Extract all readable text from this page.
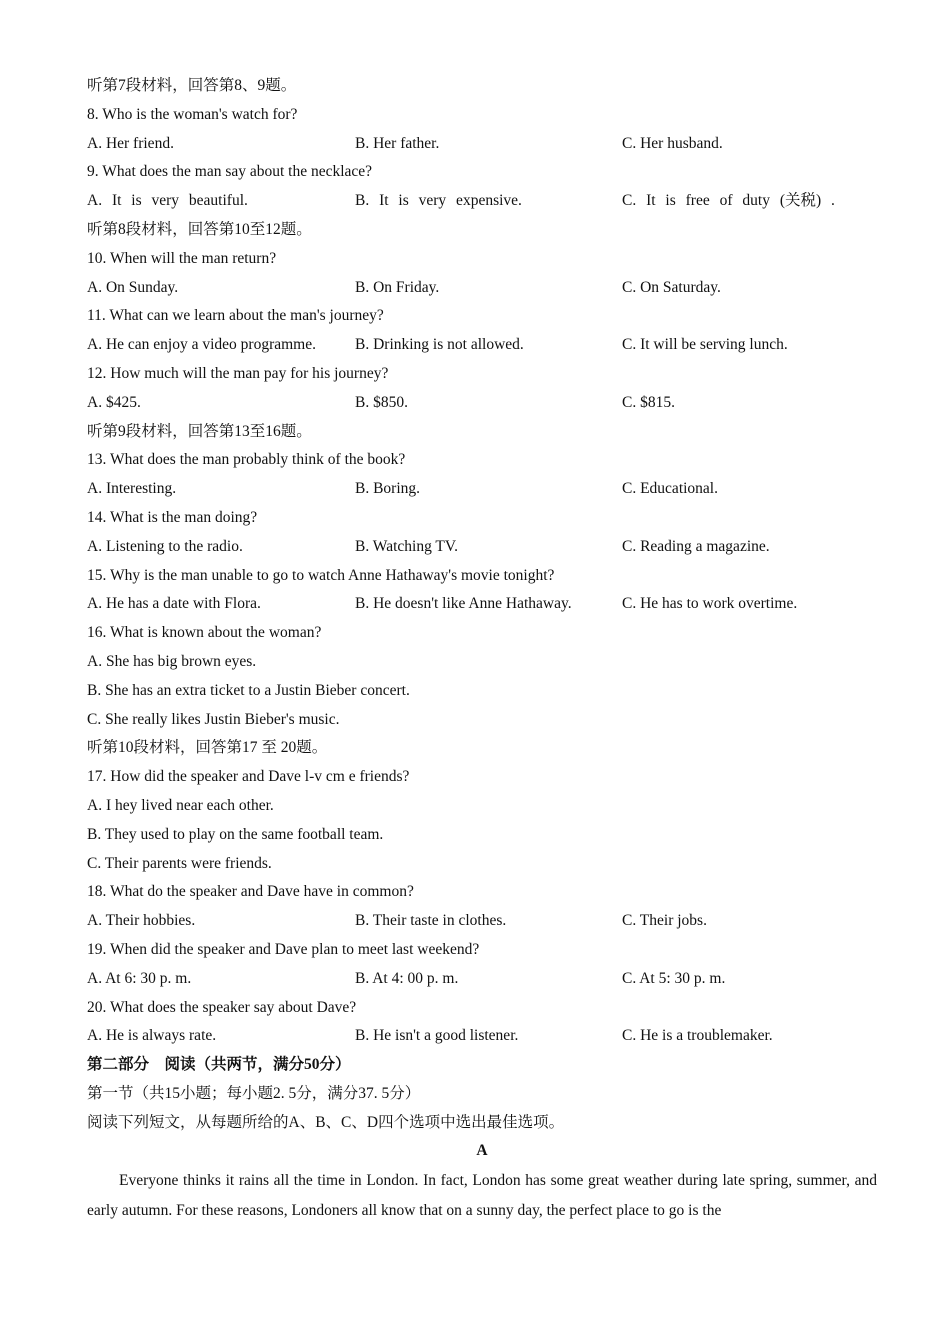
听第7段材料，回答第8、9题。
8. Who is the woman's watch for?
A. Her friend.	B. Her father.	C. Her husband.
9. What does the man say about the necklace?
A. It is very beautiful.	B. It is very expensive.	C. It is free of duty (关税) .
听第8段材料，回答第10至12题。
10. When will the man return?
A. On Sunday.	B. On Friday.	C. On Saturday.
11. What can we learn about the man's journey?
A. He can enjoy a video programme.	B. Drinking is not allowed.	C. It will be serving lunch.
12. How much will the man pay for his journey?
A. $425.	B. $850.	C. $815.
听第9段材料，回答第13至16题。
13. What does the man probably think of the book?
A. Interesting.	B. Boring.	C. Educational.
14. What is the man doing?
A. Listening to the radio.	B. Watching TV.	C. Reading a magazine.
15. Why is the man unable to go to watch Anne Hathaway's movie tonight?
A. He has a date with Flora.	B. He doesn't like Anne Hathaway.	C. He has to work overtime.
16. What is known about the woman?
A. She has big brown eyes.
B. She has an extra ticket to a Justin Bieber concert.
C. She really likes Justin Bieber's music.
听第10段材料，回答第17 至 20题。
17. How did the speaker and Dave l-v cm e friends?
A. I hey lived near each other.
B. They used to play on the same football team.
C. Their parents were friends.
18. What do the speaker and Dave have in common?
A. Their hobbies.	B. Their taste in clothes.	C. Their jobs.
19. When did the speaker and Dave plan to meet last weekend?
A. At 6: 30 p. m.	B. At 4: 00 p. m.	C. At 5: 30 p. m.
20. What does the speaker say about Dave?
A. He is always rate.	B. He isn't a good listener.	C. He is a troublemaker.
第二部分　阅读（共两节，满分50分）
第一节（共15小题；每小题2. 5分，满分37. 5分）
阅读下列短文，从每题所给的A、B、C、D四个选项中选出最佳选项。
A
Everyone thinks it rains all the time in London. In fact, London has some great weather during late spring, summer, and early autumn. For these reasons, Londoners all know that on a sunny day, the perfect place to go is the
